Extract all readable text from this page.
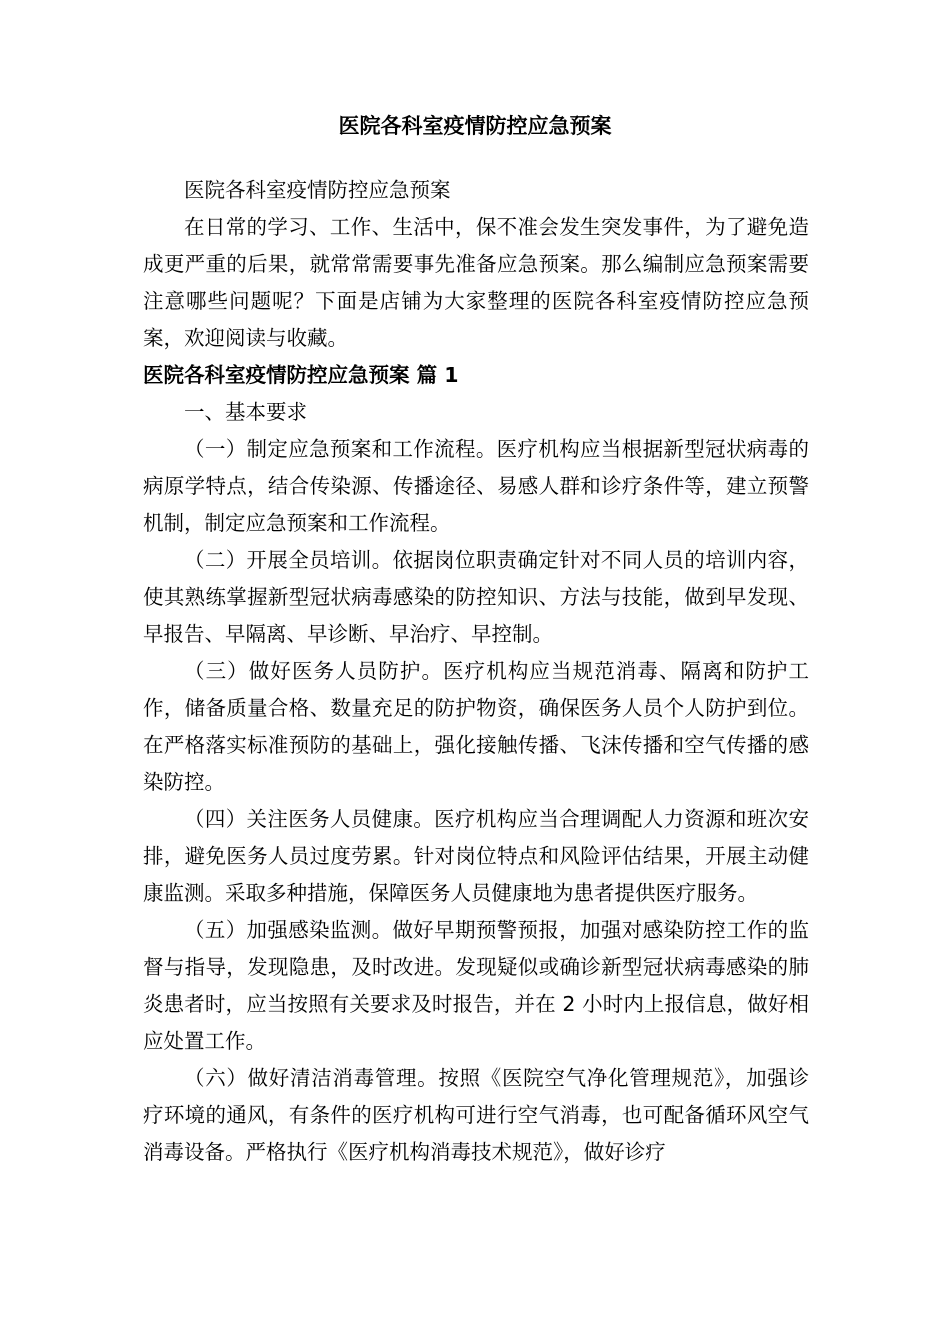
医院各科室疫情防控应急预案

医院各科室疫情防控应急预案

在日常的学习、工作、生活中，保不准会发生突发事件，为了避免造成更严重的后果，就常常需要事先准备应急预案。那么编制应急预案需要注意哪些问题呢？下面是店铺为大家整理的医院各科室疫情防控应急预案，欢迎阅读与收藏。

医院各科室疫情防控应急预案 篇 1

一、基本要求

（一）制定应急预案和工作流程。医疗机构应当根据新型冠状病毒的病原学特点，结合传染源、传播途径、易感人群和诊疗条件等，建立预警机制，制定应急预案和工作流程。

（二）开展全员培训。依据岗位职责确定针对不同人员的培训内容，使其熟练掌握新型冠状病毒感染的防控知识、方法与技能，做到早发现、早报告、早隔离、早诊断、早治疗、早控制。

（三）做好医务人员防护。医疗机构应当规范消毒、隔离和防护工作，储备质量合格、数量充足的防护物资，确保医务人员个人防护到位。在严格落实标准预防的基础上，强化接触传播、飞沫传播和空气传播的感染防控。

（四）关注医务人员健康。医疗机构应当合理调配人力资源和班次安排，避免医务人员过度劳累。针对岗位特点和风险评估结果，开展主动健康监测。采取多种措施，保障医务人员健康地为患者提供医疗服务。

（五）加强感染监测。做好早期预警预报，加强对感染防控工作的监督与指导，发现隐患，及时改进。发现疑似或确诊新型冠状病毒感染的肺炎患者时，应当按照有关要求及时报告，并在 2 小时内上报信息，做好相应处置工作。

（六）做好清洁消毒管理。按照《医院空气净化管理规范》，加强诊疗环境的通风，有条件的医疗机构可进行空气消毒，也可配备循环风空气消毒设备。严格执行《医疗机构消毒技术规范》，做好诊疗
